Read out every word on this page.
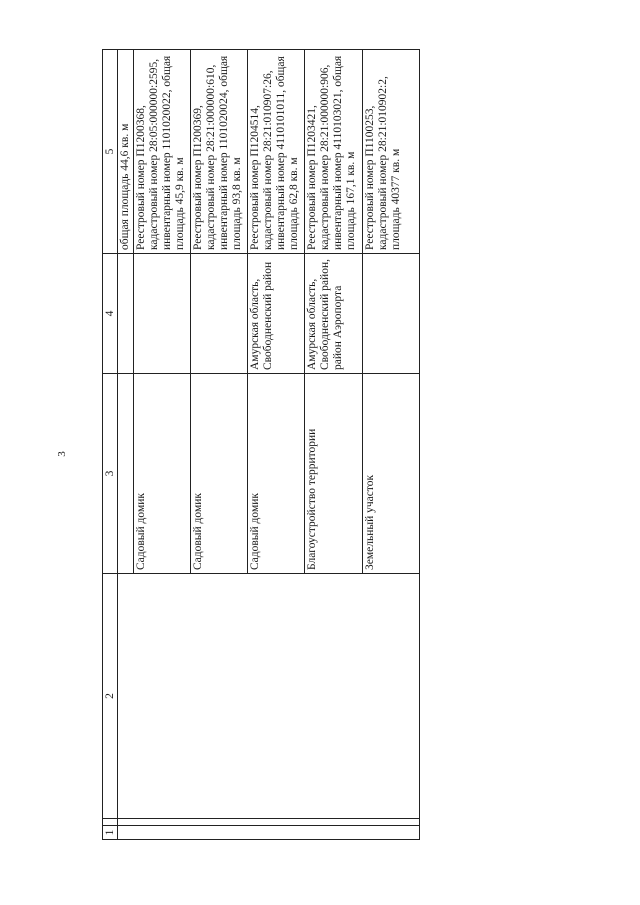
3
1		2	3	4	5
					общая площадь 44,6 кв. м
			Садовый домик		Реестровый номер П1200368, кадастровый номер 28:05:000000:2595, инвентарный номер 1101020022, общая площадь 45,9 кв. м
			Садовый домик		Реестровый номер П1200369, кадастровый номер 28:21:000000:610, инвентарный номер 1101020024, общая площадь 93,8 кв. м
			Садовый домик	Амурская область, Свободненский район	Реестровый номер П1204514, кадастровый номер 28:21:010907:26, инвентарный номер 4110101011, общая площадь 62,8 кв. м
			Благоустройство территории	Амурская область, Свободненский район, район Аэропорта	Реестровый номер П1203421, кадастровый номер 28:21:000000:906, инвентарный номер 4110103021, общая площадь 167,1 кв. м
			Земельный участок		Реестровый номер П1100253, кадастровый номер 28:21:010902:2, площадь 40377 кв. м
